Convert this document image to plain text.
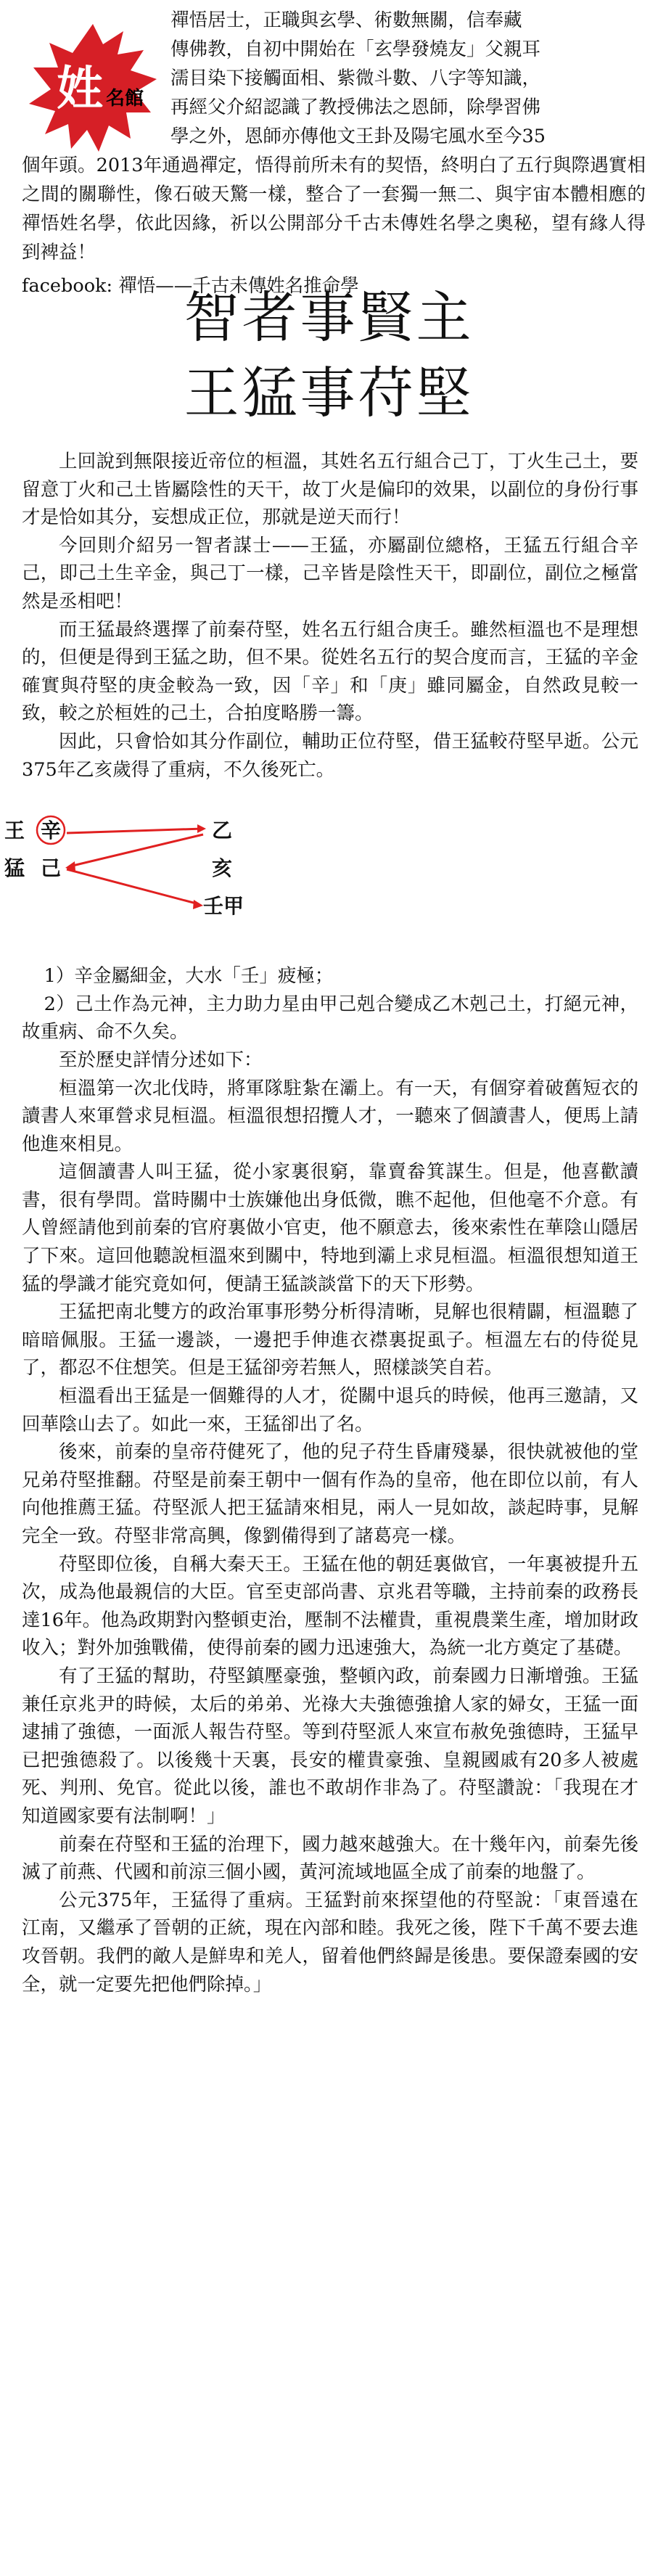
姓 名館
禪悟居士，正職與玄學、術數無關，信奉藏
傳佛教，自初中開始在「玄學發燒友」父親耳
濡目染下接觸面相、紫微斗數、八字等知識，
再經父介紹認識了教授佛法之恩師，除學習佛
學之外，恩師亦傳他文王卦及陽宅風水至今35
個年頭。2013年通過禪定，悟得前所未有的契悟，終明白了五行與際遇實相之間的關聯性，像石破天驚一樣，整合了一套獨一無二、與宇宙本體相應的禪悟姓名學，依此因緣，祈以公開部分千古未傳姓名學之奧秘，望有緣人得到裨益！
facebook: 禪悟——千古未傳姓名推命學
智者事賢主
王猛事苻堅

上回說到無限接近帝位的桓溫，其姓名五行組合己丁，丁火生己土，要留意丁火和己土皆屬陰性的天干，故丁火是偏印的效果，以副位的身份行事才是恰如其分，妄想成正位，那就是逆天而行！

今回則介紹另一智者謀士——王猛，亦屬副位總格，王猛五行組合辛己，即己土生辛金，與己丁一樣，己辛皆是陰性天干，即副位，副位之極當然是丞相吧！

而王猛最終選擇了前秦苻堅，姓名五行組合庚壬。雖然桓溫也不是理想的，但便是得到王猛之助，但不果。從姓名五行的契合度而言，王猛的辛金確實與苻堅的庚金較為一致，因「辛」和「庚」雖同屬金，自然政見較一致，較之於桓姓的己土，合拍度略勝一籌。

因此，只會恰如其分作副位，輔助正位苻堅，借王猛較苻堅早逝。公元375年乙亥歲得了重病，不久後死亡。

王
猛
辛
己
乙
亥
壬甲

1）辛金屬細金，大水「壬」疲極；

2）己土作為元神，主力助力星由甲己剋合變成乙木剋己土，打絕元神，故重病、命不久矣。

至於歷史詳情分述如下：

桓溫第一次北伐時，將軍隊駐紮在灞上。有一天，有個穿着破舊短衣的讀書人來軍營求見桓溫。桓溫很想招攬人才，一聽來了個讀書人，便馬上請他進來相見。

這個讀書人叫王猛，從小家裏很窮，靠賣畚箕謀生。但是，他喜歡讀書，很有學問。當時關中士族嫌他出身低微，瞧不起他，但他毫不介意。有人曾經請他到前秦的官府裏做小官吏，他不願意去，後來索性在華陰山隱居了下來。這回他聽說桓溫來到關中，特地到灞上求見桓溫。桓溫很想知道王猛的學識才能究竟如何，便請王猛談談當下的天下形勢。

王猛把南北雙方的政治軍事形勢分析得清晰，見解也很精闢，桓溫聽了暗暗佩服。王猛一邊談，一邊把手伸進衣襟裏捉虱子。桓溫左右的侍從見了，都忍不住想笑。但是王猛卻旁若無人，照樣談笑自若。

桓溫看出王猛是一個難得的人才，從關中退兵的時候，他再三邀請，又回華陰山去了。如此一來，王猛卻出了名。

後來，前秦的皇帝苻健死了，他的兒子苻生昏庸殘暴，很快就被他的堂兄弟苻堅推翻。苻堅是前秦王朝中一個有作為的皇帝，他在即位以前，有人向他推薦王猛。苻堅派人把王猛請來相見，兩人一見如故，談起時事，見解完全一致。苻堅非常高興，像劉備得到了諸葛亮一樣。

苻堅即位後，自稱大秦天王。王猛在他的朝廷裏做官，一年裏被提升五次，成為他最親信的大臣。官至吏部尚書、京兆君等職，主持前秦的政務長達16年。他為政期對內整頓吏治，壓制不法權貴，重視農業生產，增加財政收入；對外加強戰備，使得前秦的國力迅速強大，為統一北方奠定了基礎。

有了王猛的幫助，苻堅鎮壓豪強，整頓內政，前秦國力日漸增強。王猛兼任京兆尹的時候，太后的弟弟、光祿大夫強德強搶人家的婦女，王猛一面逮捕了強德，一面派人報告苻堅。等到苻堅派人來宣布赦免強德時，王猛早已把強德殺了。以後幾十天裏，長安的權貴豪強、皇親國戚有20多人被處死、判刑、免官。從此以後，誰也不敢胡作非為了。苻堅讚說：「我現在才知道國家要有法制啊！」

前秦在苻堅和王猛的治理下，國力越來越強大。在十幾年內，前秦先後滅了前燕、代國和前涼三個小國，黃河流域地區全成了前秦的地盤了。

公元375年，王猛得了重病。王猛對前來探望他的苻堅說：「東晉遠在江南，又繼承了晉朝的正統，現在內部和睦。我死之後，陛下千萬不要去進攻晉朝。我們的敵人是鮮卑和羌人，留着他們終歸是後患。要保證秦國的安全，就一定要先把他們除掉。」
